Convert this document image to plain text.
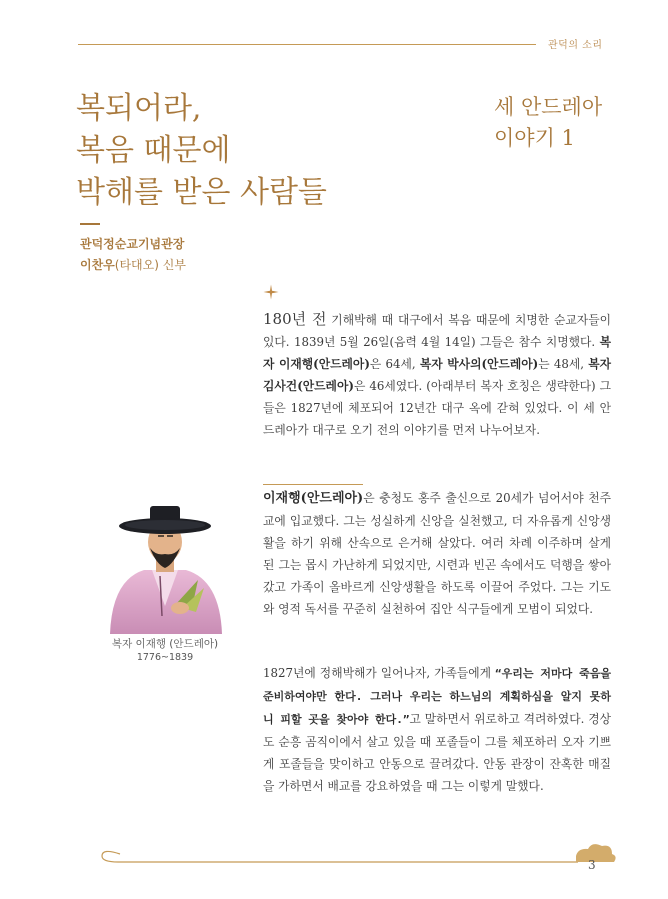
관덕의 소리
복되어라,
복음 때문에
박해를 받은 사람들
세 안드레아
이야기 1
관덕정순교기념관장
이찬우(타대오) 신부

180년 전 기해박해 때 대구에서 복음 때문에 치명한 순교자들이 있다. 1839년 5월 26일(음력 4월 14일) 그들은 참수 치명했다. 복자 이재행(안드레아)은 64세, 복자 박사의(안드레아)는 48세, 복자 김사건(안드레아)은 46세였다. (아래부터 복자 호칭은 생략한다) 그들은 1827년에 체포되어 12년간 대구 옥에 갇혀 있었다. 이 세 안드레아가 대구로 오기 전의 이야기를 먼저 나누어보자.

이재행(안드레아)은 충청도 홍주 출신으로 20세가 넘어서야 천주교에 입교했다. 그는 성실하게 신앙을 실천했고, 더 자유롭게 신앙생활을 하기 위해 산속으로 은거해 살았다. 여러 차례 이주하며 살게 된 그는 몹시 가난하게 되었지만, 시련과 빈곤 속에서도 덕행을 쌓아갔고 가족이 올바르게 신앙생활을 하도록 이끌어 주었다. 그는 기도와 영적 독서를 꾸준히 실천하여 집안 식구들에게 모범이 되었다.

복자 이재행 (안드레아)
1776~1839

1827년에 정해박해가 일어나자, 가족들에게 “우리는 저마다 죽음을 준비하여야만 한다. 그러나 우리는 하느님의 계획하심을 알지 못하니 피할 곳을 찾아야 한다.”고 말하면서 위로하고 격려하였다. 경상도 순흥 곰직이에서 살고 있을 때 포졸들이 그를 체포하러 오자 기쁘게 포졸들을 맞이하고 안동으로 끌려갔다. 안동 관장이 잔혹한 매질을 가하면서 배교를 강요하였을 때 그는 이렇게 말했다.

3
